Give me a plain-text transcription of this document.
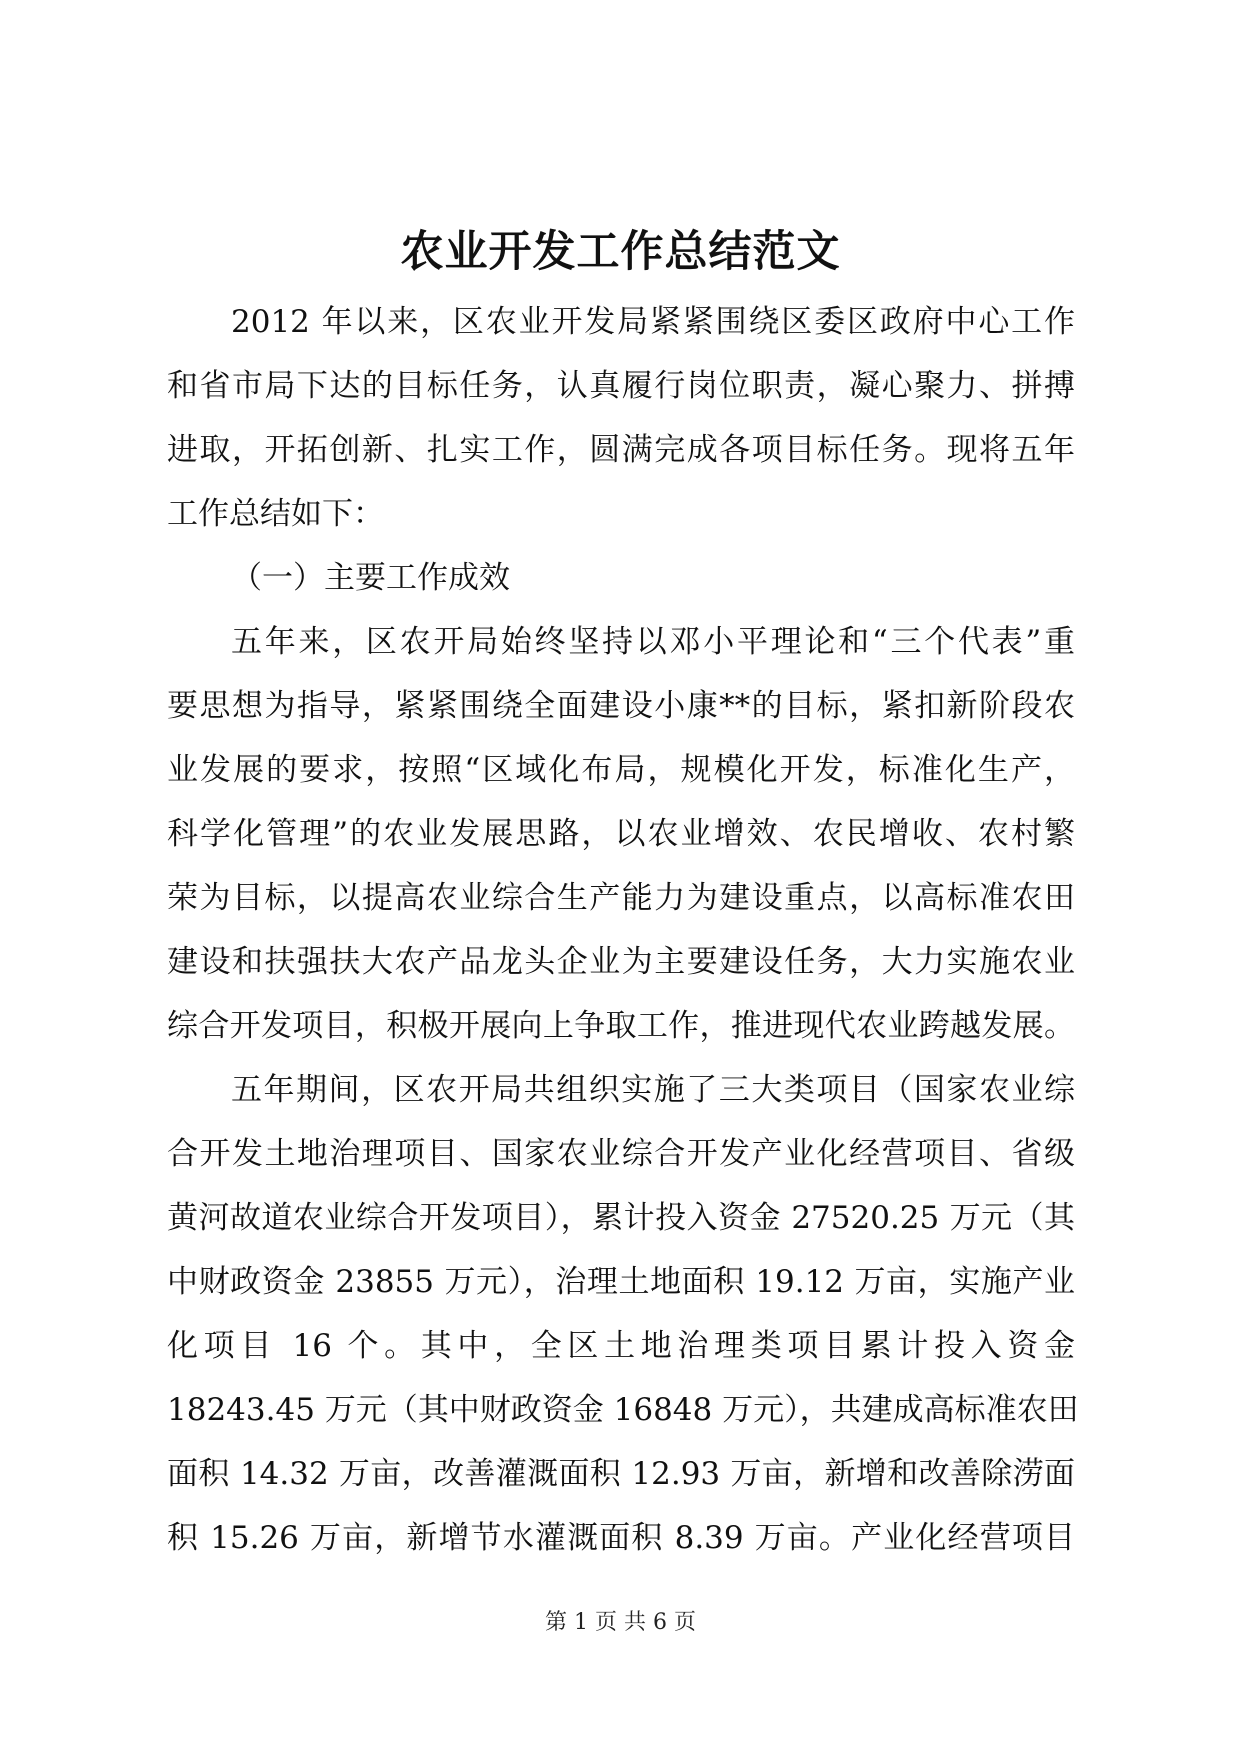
农业开发工作总结范文
2012 年以来，区农业开发局紧紧围绕区委区政府中心工作
和省市局下达的目标任务，认真履行岗位职责，凝心聚力、拼搏
进取，开拓创新、扎实工作，圆满完成各项目标任务。现将五年
工作总结如下：
（一）主要工作成效
五年来，区农开局始终坚持以邓小平理论和“三个代表”重
要思想为指导，紧紧围绕全面建设小康**的目标，紧扣新阶段农
业发展的要求，按照“区域化布局，规模化开发，标准化生产，
科学化管理”的农业发展思路，以农业增效、农民增收、农村繁
荣为目标，以提高农业综合生产能力为建设重点，以高标准农田
建设和扶强扶大农产品龙头企业为主要建设任务，大力实施农业
综合开发项目，积极开展向上争取工作，推进现代农业跨越发展。
五年期间，区农开局共组织实施了三大类项目（国家农业综
合开发土地治理项目、国家农业综合开发产业化经营项目、省级
黄河故道农业综合开发项目），累计投入资金 27520.25 万元（其
中财政资金 23855 万元），治理土地面积 19.12 万亩，实施产业
化项目 16 个。其中，全区土地治理类项目累计投入资金
18243.45 万元（其中财政资金 16848 万元），共建成高标准农田
面积 14.32 万亩，改善灌溉面积 12.93 万亩，新增和改善除涝面
积 15.26 万亩，新增节水灌溉面积 8.39 万亩。产业化经营项目
第 1 页 共 6 页
